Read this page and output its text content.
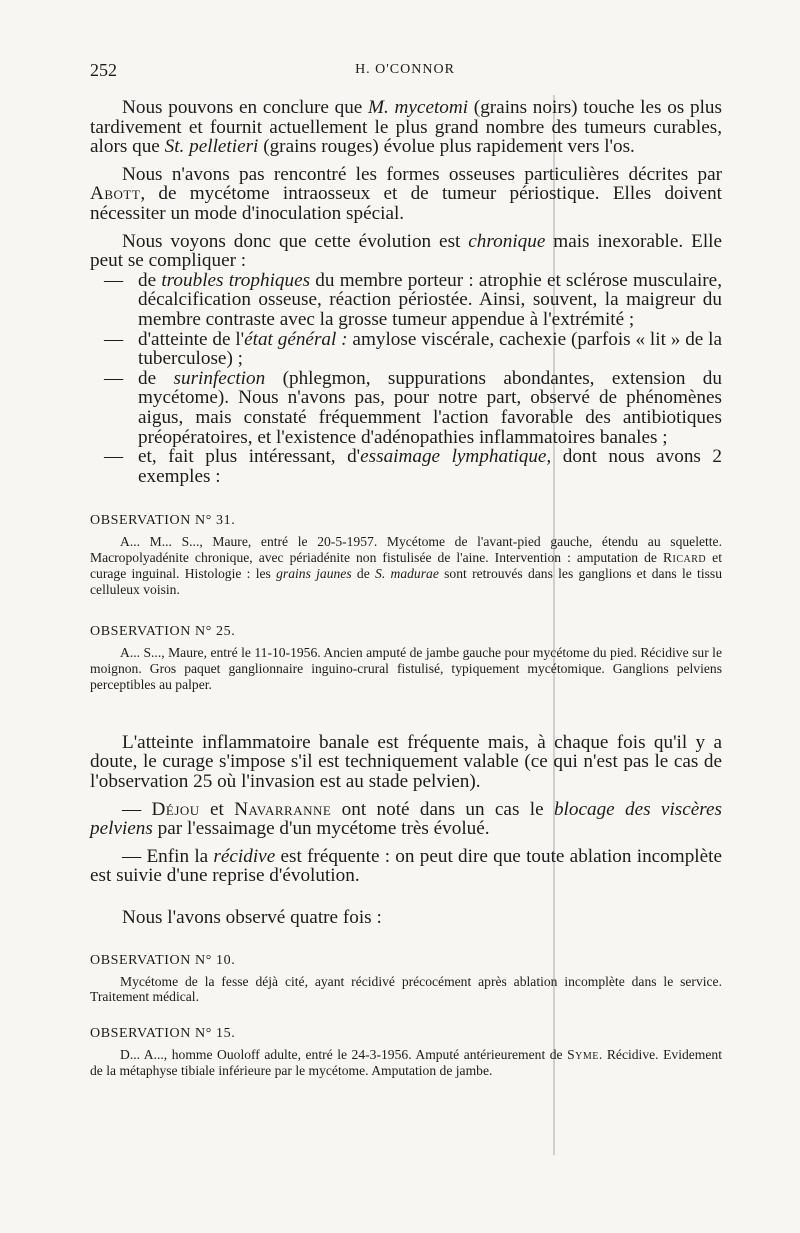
252	H. O'CONNOR

Nous pouvons en conclure que M. mycetomi (grains noirs) touche les os plus tardivement et fournit actuellement le plus grand nombre des tumeurs curables, alors que St. pelletieri (grains rouges) évolue plus rapidement vers l'os.

Nous n'avons pas rencontré les formes osseuses particulières décrites par Abott, de mycétome intraosseux et de tumeur périostique. Elles doivent nécessiter un mode d'inoculation spécial.

Nous voyons donc que cette évolution est chronique mais inexorable. Elle peut se compliquer :

— de troubles trophiques du membre porteur : atrophie et sclérose musculaire, décalcification osseuse, réaction périostée. Ainsi, souvent, la maigreur du membre contraste avec la grosse tumeur appendue à l'extrémité ;
— d'atteinte de l'état général : amylose viscérale, cachexie (parfois « lit » de la tuberculose) ;
— de surinfection (phlegmon, suppurations abondantes, extension du mycétome). Nous n'avons pas, pour notre part, observé de phénomènes aigus, mais constaté fréquemment l'action favorable des antibiotiques préopératoires, et l'existence d'adénopathies inflammatoires banales ;
— et, fait plus intéressant, d'essaimage lymphatique, dont nous avons 2 exemples :

OBSERVATION N° 31.

A... M... S..., Maure, entré le 20-5-1957. Mycétome de l'avant-pied gauche, étendu au squelette. Macropolyadénite chronique, avec périadénite non fistulisée de l'aine. Intervention : amputation de Ricard et curage inguinal. Histologie : les grains jaunes de S. madurae sont retrouvés dans les ganglions et dans le tissu celluleux voisin.

OBSERVATION N° 25.

A... S..., Maure, entré le 11-10-1956. Ancien amputé de jambe gauche pour mycétome du pied. Récidive sur le moignon. Gros paquet ganglionnaire inguino-crural fistulisé, typiquement mycétomique. Ganglions pelviens perceptibles au palper.

L'atteinte inflammatoire banale est fréquente mais, à chaque fois qu'il y a doute, le curage s'impose s'il est techniquement valable (ce qui n'est pas le cas de l'observation 25 où l'invasion est au stade pelvien).

— Déjou et Navarranne ont noté dans un cas le blocage des viscères pelviens par l'essaimage d'un mycétome très évolué.

— Enfin la récidive est fréquente : on peut dire que toute ablation incomplète est suivie d'une reprise d'évolution.

Nous l'avons observé quatre fois :

OBSERVATION N° 10.

Mycétome de la fesse déjà cité, ayant récidivé précocément après ablation incomplète dans le service. Traitement médical.

OBSERVATION N° 15.

D... A..., homme Ouoloff adulte, entré le 24-3-1956. Amputé antérieurement de Syme. Récidive. Evidement de la métaphyse tibiale inférieure par le mycétome. Amputation de jambe.
